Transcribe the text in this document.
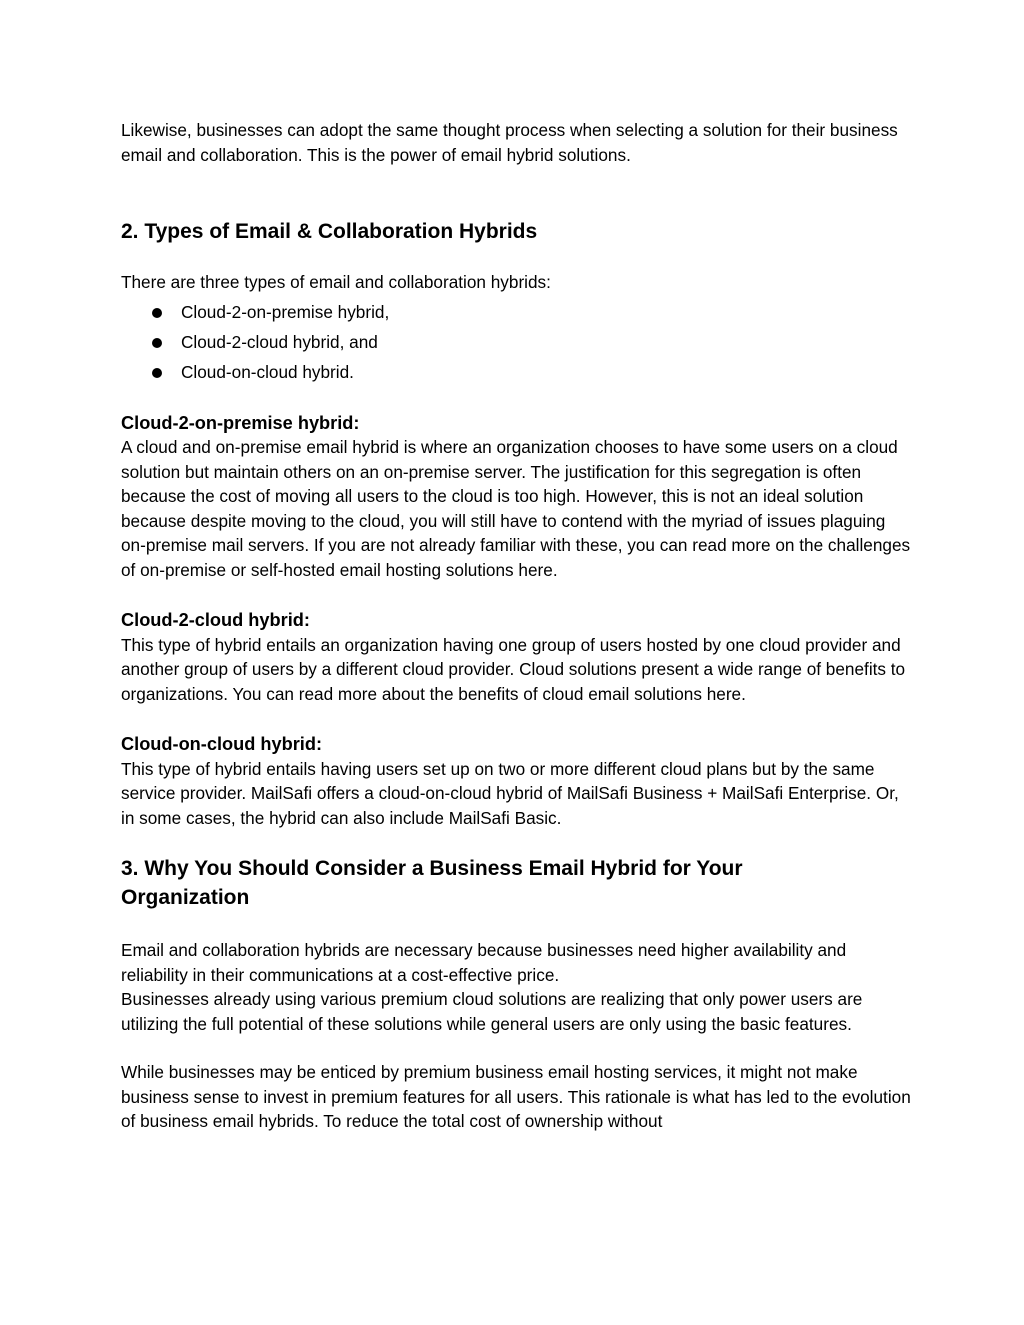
Likewise, businesses can adopt the same thought process when selecting a solution for their business email and collaboration. This is the power of email hybrid solutions.

2. Types of Email & Collaboration Hybrids

There are three types of email and collaboration hybrids:

Cloud-2-on-premise hybrid,
Cloud-2-cloud hybrid, and
Cloud-on-cloud hybrid.
Cloud-2-on-premise hybrid:

A cloud and on-premise email hybrid is where an organization chooses to have some users on a cloud solution but maintain others on an on-premise server. The justification for this segregation is often because the cost of moving all users to the cloud is too high. However, this is not an ideal solution because despite moving to the cloud, you will still have to contend with the myriad of issues plaguing on-premise mail servers. If you are not already familiar with these, you can read more on the challenges of on-premise or self-hosted email hosting solutions here.

Cloud-2-cloud hybrid:

This type of hybrid entails an organization having one group of users hosted by one cloud provider and another group of users by a different cloud provider. Cloud solutions present a wide range of benefits to organizations. You can read more about the benefits of cloud email solutions here.

Cloud-on-cloud hybrid:

This type of hybrid entails having users set up on two or more different cloud plans but by the same service provider. MailSafi offers a cloud-on-cloud hybrid of MailSafi Business + MailSafi Enterprise. Or, in some cases, the hybrid can also include MailSafi Basic.

3. Why You Should Consider a Business Email Hybrid for Your Organization

Email and collaboration hybrids are necessary because businesses need higher availability and reliability in their communications at a cost-effective price.

Businesses already using various premium cloud solutions are realizing that only power users are utilizing the full potential of these solutions while general users are only using the basic features.

While businesses may be enticed by premium business email hosting services, it might not make business sense to invest in premium features for all users. This rationale is what has led to the evolution of business email hybrids. To reduce the total cost of ownership without
